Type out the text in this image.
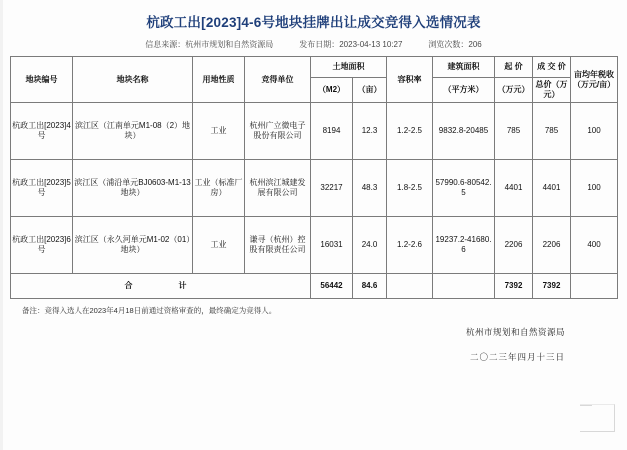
杭政工出[2023]4-6号地块挂牌出让成交竞得入选情况表
信息来源：杭州市规划和自然资源局	发布日期：2023-04-13 10:27	浏览次数：206
地块编号	地块名称	用地性质	竞得单位	土地面积		容积率	建筑面积	起 价	成 交 价	亩均年税收（万元/亩）
				（M2）	（亩）					
							（平方米）	（万元）	总价（万元）	
杭政工出[2023]4号	滨江区（江南单元M1-08（2）地块）	工业	杭州广立微电子股份有限公司	8194	12.3	1.2-2.5	9832.8-20485	785	785	100
杭政工出[2023]5号	滨江区（浦沿单元BJ0603-M1-13地块）	工业（标准厂房）	杭州滨江城建发展有限公司	32217	48.3	1.8-2.5	57990.6-80542.5	4401	4401	100
杭政工出[2023]6号	滨江区（永久河单元M1-02（01）地块）	工业	谦寻（杭州）控股有限责任公司	16031	24.0	1.2-2.6	19237.2-41680.6	2206	2206	400
合　　计				56442	84.6			7392	7392	
备注：竞得入选人在2023年4月18日前通过资格审查的，最终确定为竞得人。
杭州市规划和自然资源局
二〇二三年四月十三日
